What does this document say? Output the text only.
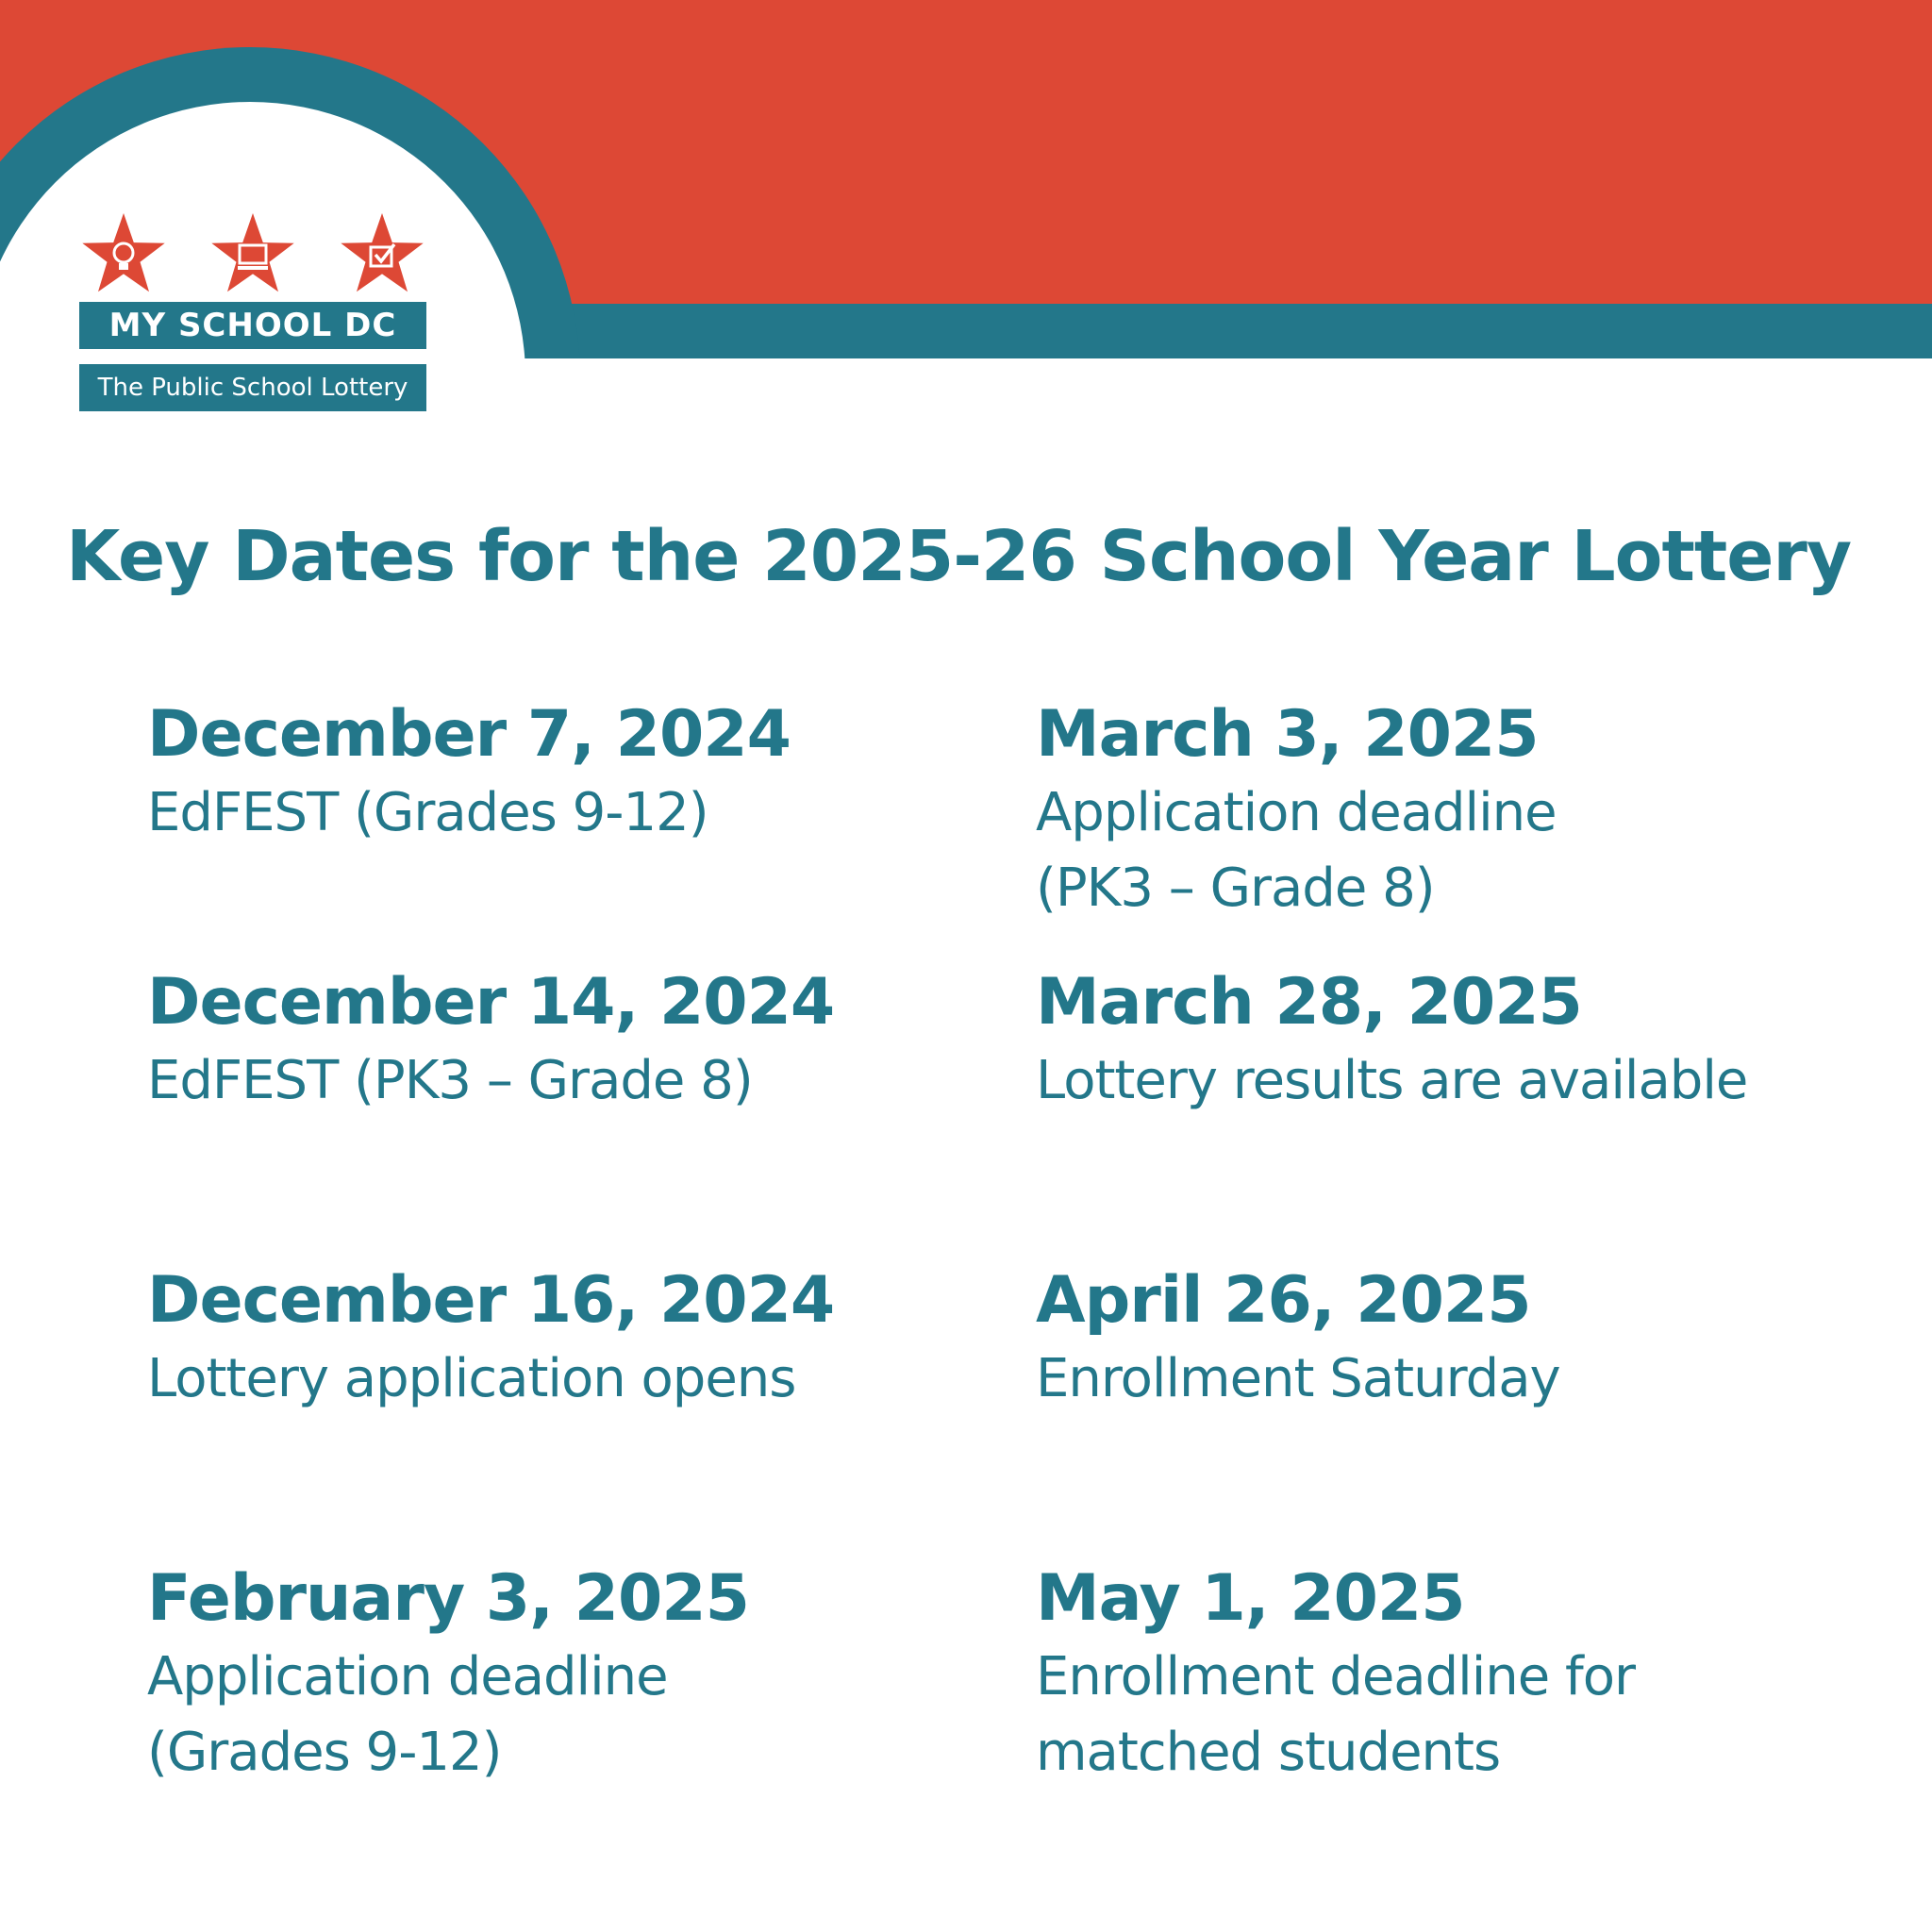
MY SCHOOL DC
The Public School Lottery
Key Dates for the 2025-26 School Year Lottery
December 7, 2024
EdFEST (Grades 9-12)
March 3, 2025
Application deadline
(PK3 – Grade 8)
December 14, 2024
EdFEST (PK3 – Grade 8)
March 28, 2025
Lottery results are available
December 16, 2024
Lottery application opens
April 26, 2025
Enrollment Saturday
February 3, 2025
Application deadline
(Grades 9-12)
May 1, 2025
Enrollment deadline for
matched students
